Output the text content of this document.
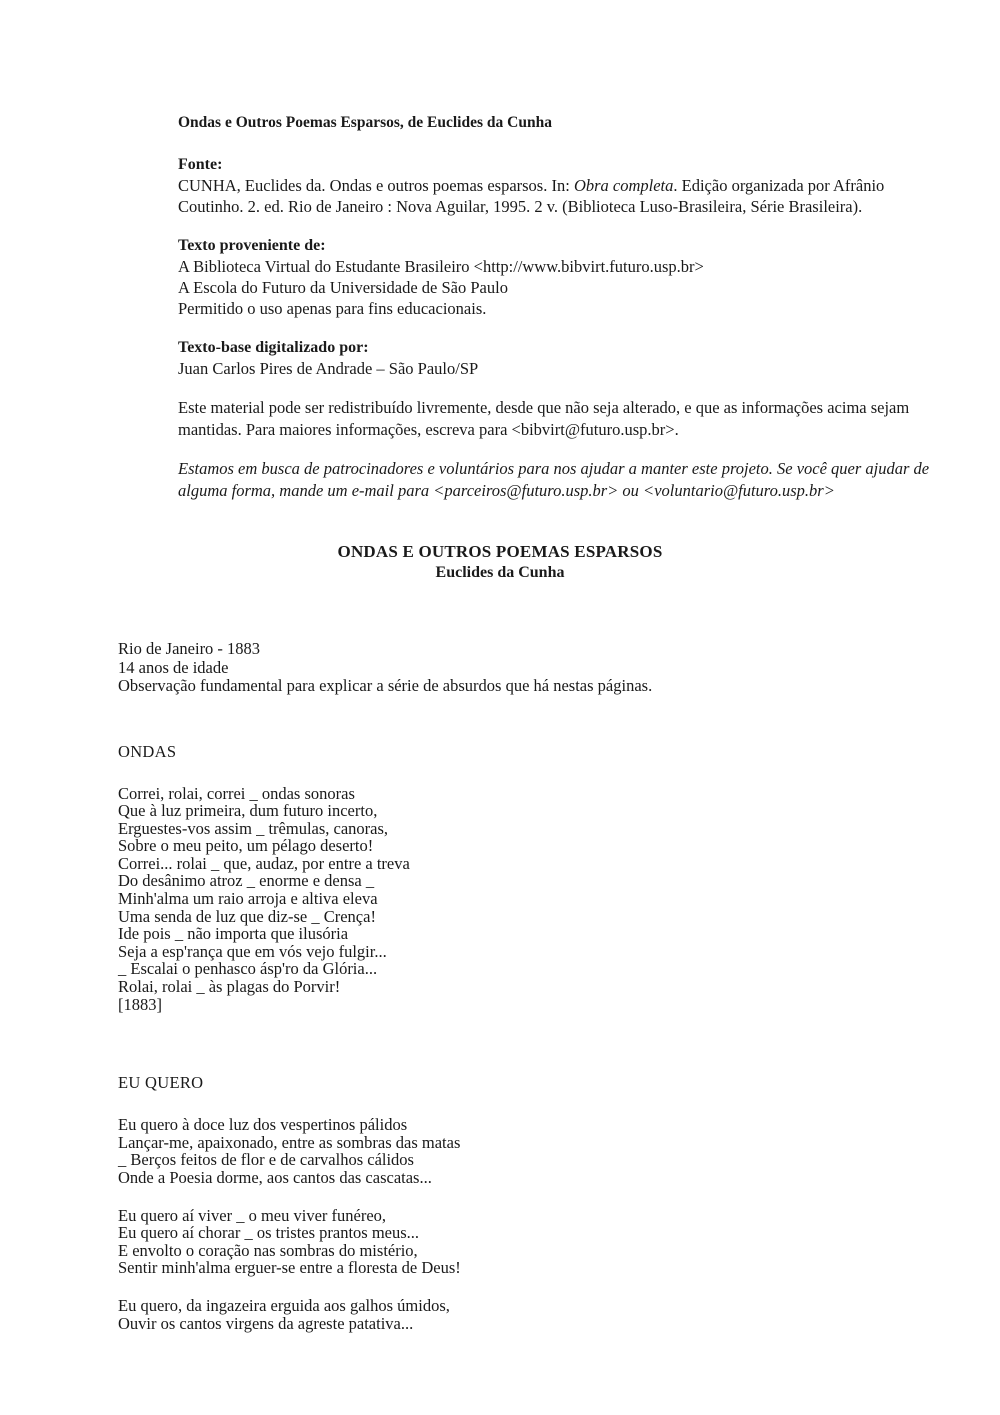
Ondas e Outros Poemas Esparsos, de Euclides da Cunha

Fonte:

CUNHA, Euclides da. Ondas e outros poemas esparsos. In: Obra completa. Edição organizada por Afrânio

Coutinho. 2. ed. Rio de Janeiro : Nova Aguilar, 1995. 2 v. (Biblioteca Luso-Brasileira, Série Brasileira).

Texto proveniente de:

A Biblioteca Virtual do Estudante Brasileiro <http://www.bibvirt.futuro.usp.br>

A Escola do Futuro da Universidade de São Paulo

Permitido o uso apenas para fins educacionais.

Texto-base digitalizado por:

Juan Carlos Pires de Andrade – São Paulo/SP

Este material pode ser redistribuído livremente, desde que não seja alterado, e que as informações acima sejam mantidas. Para maiores informações, escreva para <bibvirt@futuro.usp.br>.

Estamos em busca de patrocinadores e voluntários para nos ajudar a manter este projeto. Se você quer ajudar de alguma forma, mande um e-mail para <parceiros@futuro.usp.br> ou <voluntario@futuro.usp.br>

ONDAS E OUTROS POEMAS ESPARSOS

Euclides da Cunha

Rio de Janeiro - 1883

14 anos de idade

Observação fundamental para explicar a série de absurdos que há nestas páginas.

ONDAS

Correi, rolai, correi _ ondas sonoras

Que à luz primeira, dum futuro incerto,

Erguestes-vos assim _ trêmulas, canoras,

Sobre o meu peito, um pélago deserto!

Correi... rolai _ que, audaz, por entre a treva

Do desânimo atroz _ enorme e densa _

Minh'alma um raio arroja e altiva eleva

Uma senda de luz que diz-se _ Crença!

Ide pois _ não importa que ilusória

Seja a esp'rança que em vós vejo fulgir...

_ Escalai o penhasco ásp'ro da Glória...

Rolai, rolai _ às plagas do Porvir!

[1883]

EU QUERO

Eu quero à doce luz dos vespertinos pálidos

Lançar-me, apaixonado, entre as sombras das matas

_ Berços feitos de flor e de carvalhos cálidos

Onde a Poesia dorme, aos cantos das cascatas...

Eu quero aí viver _ o meu viver funéreo,

Eu quero aí chorar _ os tristes prantos meus...

E envolto o coração nas sombras do mistério,

Sentir minh'alma erguer-se entre a floresta de Deus!

Eu quero, da ingazeira erguida aos galhos úmidos,

Ouvir os cantos virgens da agreste patativa...
